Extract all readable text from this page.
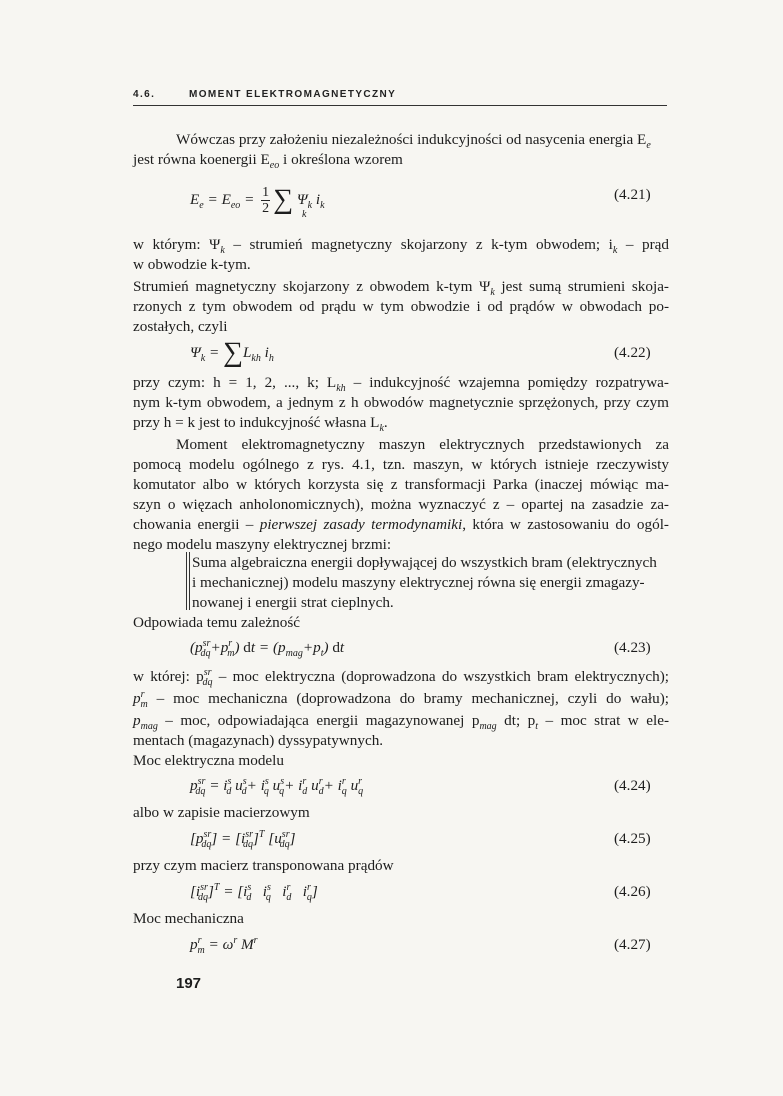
4.6.	MOMENT ELEKTROMAGNETYCZNY
Wówczas przy założeniu niezależności indukcyjności od nasycenia energia $E_e$
jest równa koenergii $E_{eo}$ i określona wzorem
$E_e = E_{eo} = \frac{1}{2}$ ∑ $\Psi_k$ $i_k$
k
(4.21)
w którym: $\Psi_k$ – strumień magnetyczny skojarzony z k-tym obwodem; $i_k$ – prąd
w obwodzie k-tym.
Strumień magnetyczny skojarzony z obwodem k-tym $\Psi_k$ jest sumą strumieni skoja-
rzonych z tym obwodem od prądu w tym obwodzie i od prądów w obwodach po-
zostałych, czyli
$\Psi_k = \sum L_{kh}$ $i_h$	(4.22)
przy czym: h = 1, 2, ..., k; $L_{kh}$ – indukcyjność wzajemna pomiędzy rozpatrywa-
nym k-tym obwodem, a jednym z h obwodów magnetycznie sprzężonych, przy czym
przy h = k jest to indukcyjność własna $L_k$.
Moment elektromagnetyczny maszyn elektrycznych przedstawionych za
pomocą modelu ogólnego z rys. 4.1, tzn. maszyn, w których istnieje rzeczywisty
komutator albo w których korzysta się z transformacji Parka (inaczej mówiąc ma-
szyn o więzach anholonomicznych), można wyznaczyć z – opartej na zasadzie za-
chowania energii – pierwszej zasady termodynamiki, która w zastosowaniu do ogól-
nego modelu maszyny elektrycznej brzmi:
Suma algebraiczna energii dopływającej do wszystkich bram (elektrycznych
i mechanicznej) modelu maszyny elektrycznej równa się energii zmagazy-
nowanej i energii strat cieplnych.
Odpowiada temu zależność
$(p^{sr}_{dq}+p^r_m)$ dt = $(p_{mag}+p_t)$ dt	(4.23)
w której: $p^{sr}_{dq}$ – moc elektryczna (doprowadzona do wszystkich bram elektrycznych);
$p^r_m$ – moc mechaniczna (doprowadzona do bramy mechanicznej, czyli do wału);
$p_{mag}$ – moc, odpowiadająca energii magazynowanej $p_{mag}$ dt; $p_t$ – moc strat w ele-
mentach (magazynach) dyssypatywnych.
Moc elektryczna modelu
$p^{sr}_{dq} = i^s_d$ $u^s_d+ i^s_q$ $u^s_q+ i^r_d$ $u^r_d+ i^r_q$ $u^r_q$	(4.24)
albo w zapisie macierzowym
$[p^{sr}_{dq}] = [i^{sr}_{dq}]^T$ $[u^{sr}_{dq}]$	(4.25)
przy czym macierz transponowana prądów
$[i^{sr}_{dq}]^T = [i^s_d$   $i^s_q$   $i^r_d$   $i^r_q$]	(4.26)
Moc mechaniczna
$p^r_m = \omega^r$ $M^r$	(4.27)
197
